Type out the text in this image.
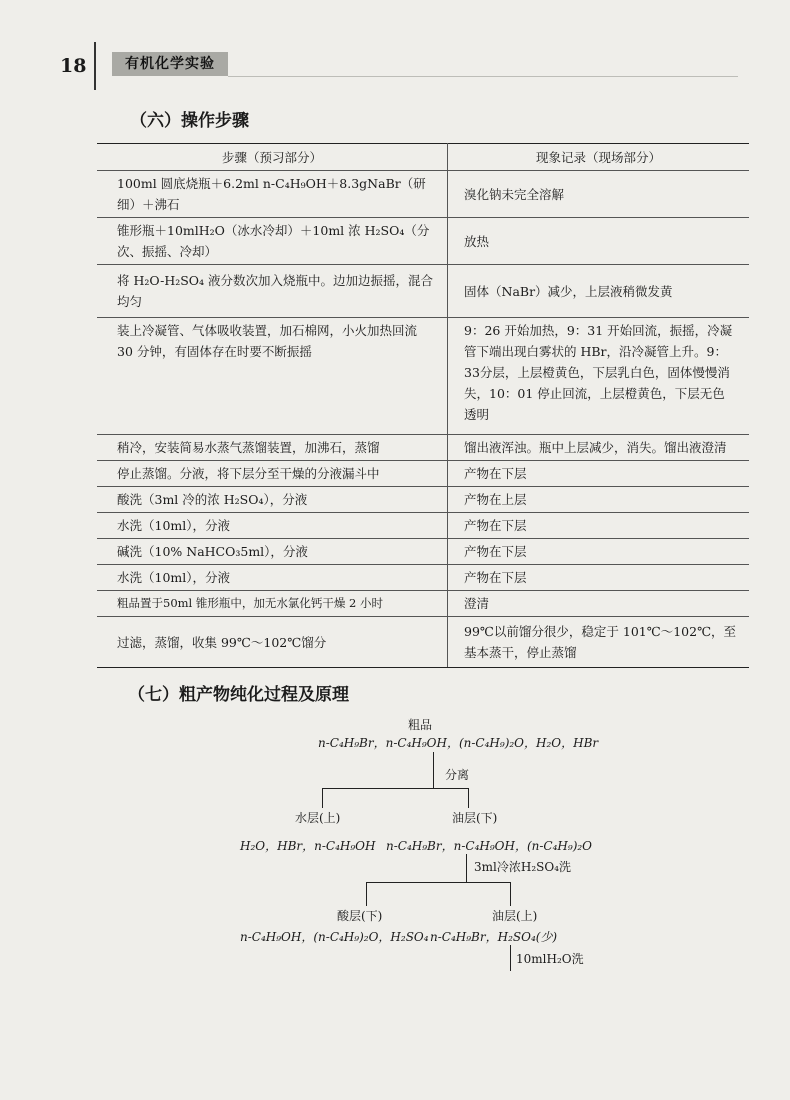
18	有机化学实验
（六）操作步骤
步骤（预习部分）	现象记录（现场部分）
100ml 圆底烧瓶＋6.2ml n-C₄H₉OH＋8.3gNaBr（研细）＋沸石	溴化钠未完全溶解
锥形瓶＋10mlH₂O（冰水冷却）＋10ml 浓 H₂SO₄（分次、振摇、冷却）	放热
将 H₂O-H₂SO₄ 液分数次加入烧瓶中。边加边振摇，混合均匀	固体（NaBr）减少，上层液稍微发黄
装上冷凝管、气体吸收装置，加石棉网，小火加热回流 30 分钟，有固体存在时要不断振摇	9：26 开始加热，9：31 开始回流，振摇，冷凝管下端出现白雾状的 HBr，沿冷凝管上升。9：33分层，上层橙黄色，下层乳白色，固体慢慢消失，10：01 停止回流，上层橙黄色，下层无色透明
稍冷，安装简易水蒸气蒸馏装置，加沸石，蒸馏	馏出液浑浊。瓶中上层减少，消失。馏出液澄清
停止蒸馏。分液，将下层分至干燥的分液漏斗中	产物在下层
酸洗（3ml 冷的浓 H₂SO₄），分液	产物在上层
水洗（10ml），分液	产物在下层
碱洗（10% NaHCO₃5ml），分液	产物在下层
水洗（10ml），分液	产物在下层
粗品置于50ml 锥形瓶中，加无水氯化钙干燥 2 小时	澄清
过滤，蒸馏，收集 99℃～102℃馏分	99℃以前馏分很少，稳定于 101℃～102℃，至基本蒸干，停止蒸馏
（七）粗产物纯化过程及原理
粗品
n-C₄H₉Br，n-C₄H₉OH，(n-C₄H₉)₂O，H₂O，HBr
分离
水层(上)
H₂O，HBr，n-C₄H₉OH
油层(下)
n-C₄H₉Br，n-C₄H₉OH，(n-C₄H₉)₂O
3ml冷浓H₂SO₄洗
酸层(下)
n-C₄H₉OH，(n-C₄H₉)₂O，H₂SO₄
油层(上)
n-C₄H₉Br，H₂SO₄(少)
10mlH₂O洗
